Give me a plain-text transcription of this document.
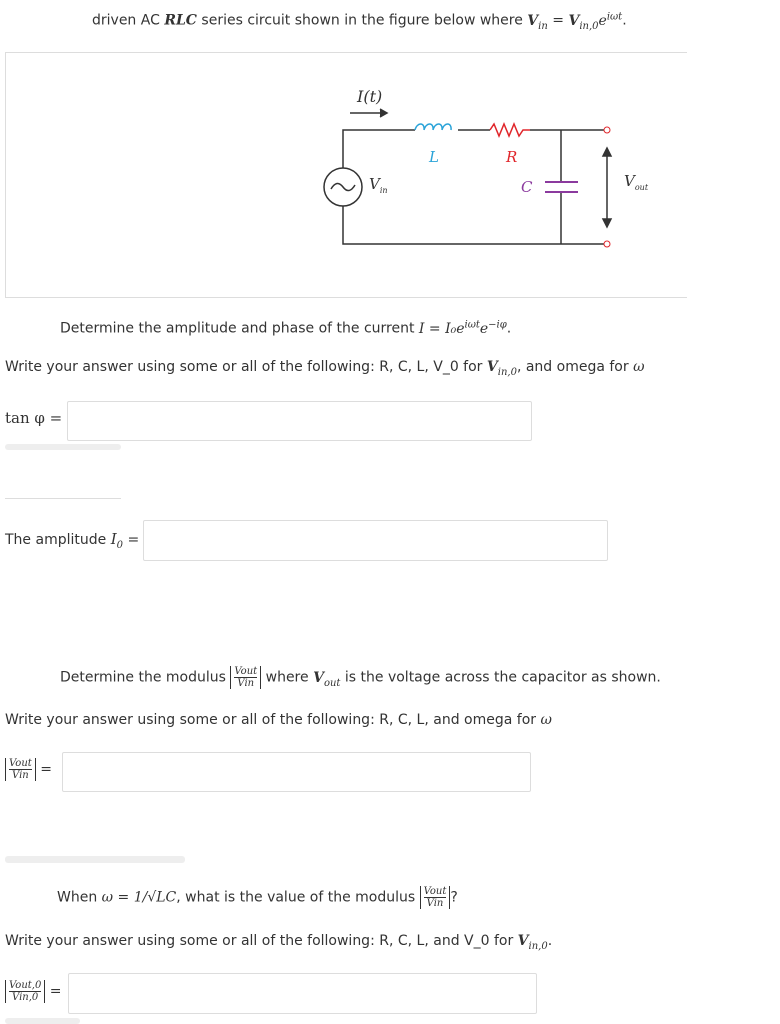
driven AC RLC series circuit shown in the figure below where $V_{in} = V_{in,0}e^{i\omega t}$.
I(t)
L	R
C
$V_{in}$
$V_{out}$
Determine the amplitude and phase of the current $I = I_0e^{i\omega t}e^{-i\varphi}$.
Write your answer using some or all of the following: R, C, L, V_0 for $V_{in,0}$, and omega for ω
tan φ =
The amplitude $I_0$ =
Determine the modulus $\frac{\text{Vout}}{\text{Vin}}$ where $V_{out}$ is the voltage across the capacitor as shown.
Write your answer using some or all of the following: R, C, L, and omega for ω
$\frac{\text{Vout}}{\text{Vin}}$ =
When ω = 1/√LC, what is the value of the modulus $\frac{\text{Vout}}{\text{Vin}}$?
Write your answer using some or all of the following: R, C, L, and V_0 for $V_{in,0}$.
$\frac{\text{Vout,0}}{\text{Vin,0}}$ =
